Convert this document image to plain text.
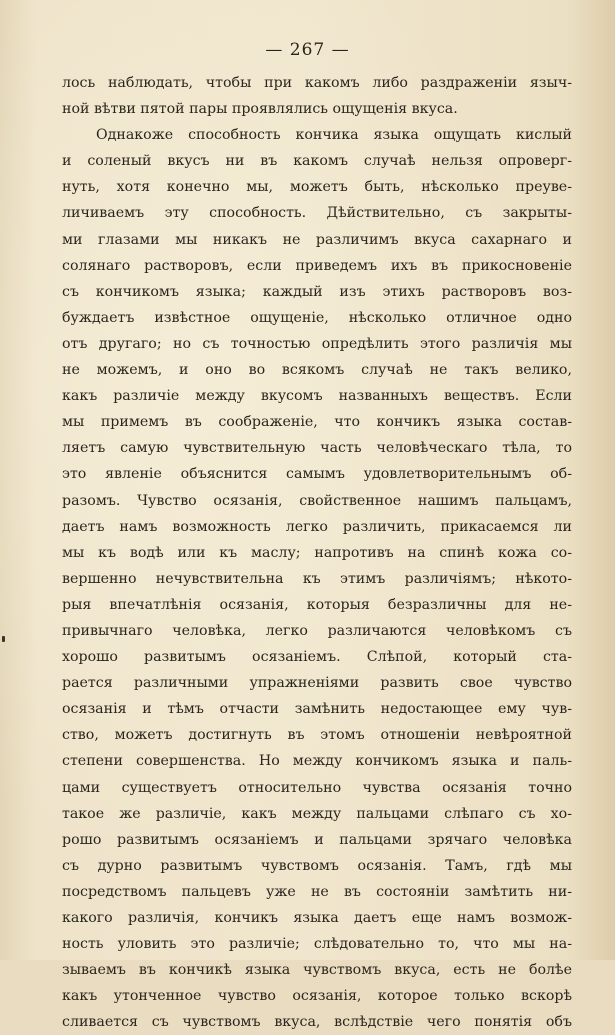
— 267 —
лось наблюдать, чтобы при какомъ либо раздраженіи языч-
ной вѣтви пятой пары проявлялись ощущенія вкуса.
Однакоже способность кончика языка ощущать кислый
и соленый вкусъ ни въ какомъ случаѣ нельзя опроверг-
нуть, хотя конечно мы, можетъ быть, нѣсколько преуве-
личиваемъ эту способность. Дѣйствительно, съ закрыты-
ми глазами мы никакъ не различимъ вкуса сахарнаго и
солянаго растворовъ, если приведемъ ихъ въ прикосновеніе
съ кончикомъ языка; каждый изъ этихъ растворовъ воз-
буждаетъ извѣстное ощущеніе, нѣсколько отличное одно
отъ другаго; но съ точностью опредѣлить этого различія мы
не можемъ, и оно во всякомъ случаѣ не такъ велико,
какъ различіе между вкусомъ названныхъ веществъ. Если
мы примемъ въ соображеніе, что кончикъ языка состав-
ляетъ самую чувствительную часть человѣческаго тѣла, то
это явленіе объяснится самымъ удовлетворительнымъ об-
разомъ. Чувство осязанія, свойственное нашимъ пальцамъ,
даетъ намъ возможность легко различить, прикасаемся ли
мы къ водѣ или къ маслу; напротивъ на спинѣ кожа со-
вершенно нечувствительна къ этимъ различіямъ; нѣкото-
рыя впечатлѣнія осязанія, которыя безразличны для не-
привычнаго человѣка, легко различаются человѣкомъ съ
хорошо развитымъ осязаніемъ. Слѣпой, который ста-
рается различными упражненіями развить свое чувство
осязанія и тѣмъ отчасти замѣнить недостающее ему чув-
ство, можетъ достигнуть въ этомъ отношеніи невѣроятной
степени совершенства. Но между кончикомъ языка и паль-
цами существуетъ относительно чувства осязанія точно
такое же различіе, какъ между пальцами слѣпаго съ хо-
рошо развитымъ осязаніемъ и пальцами зрячаго человѣка
съ дурно развитымъ чувствомъ осязанія. Тамъ, гдѣ мы
посредствомъ пальцевъ уже не въ состояніи замѣтить ни-
какого различія, кончикъ языка даетъ еще намъ возмож-
ность уловить это различіе; слѣдовательно то, что мы на-
зываемъ въ кончикѣ языка чувствомъ вкуса, есть не болѣе
какъ утонченное чувство осязанія, которое только вскорѣ
сливается съ чувствомъ вкуса, вслѣдствіе чего понятія объ
